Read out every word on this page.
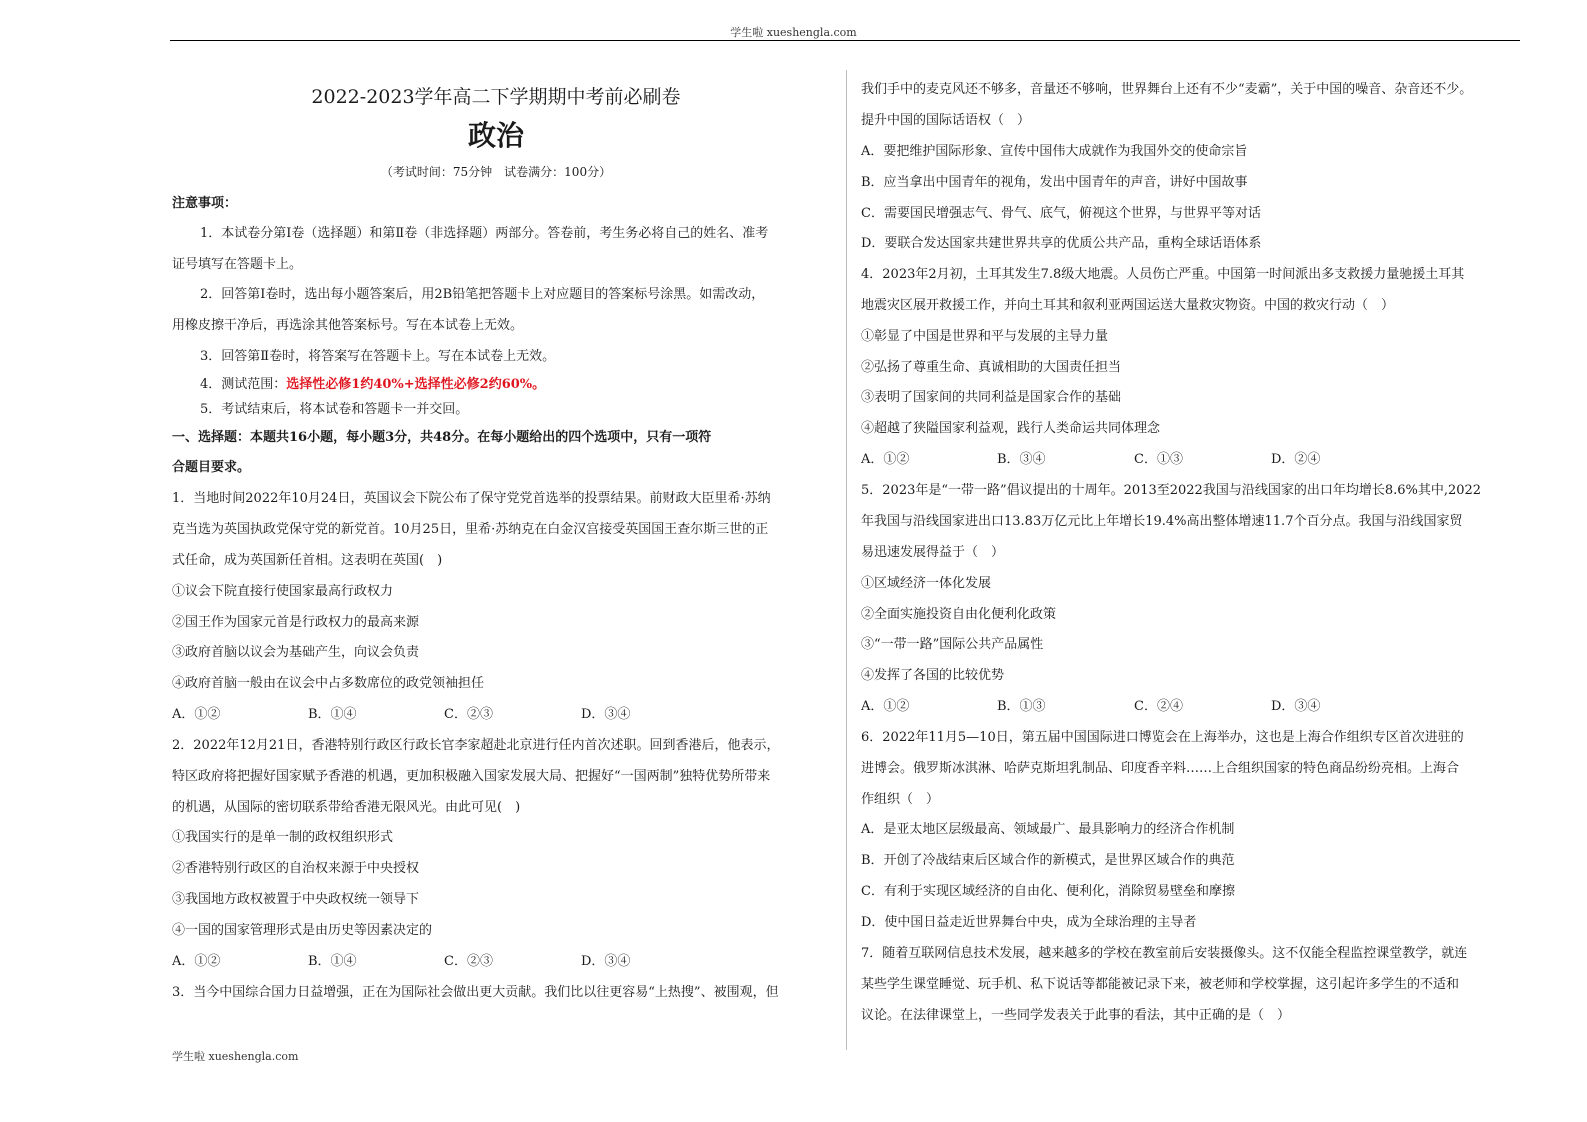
学生啦 xueshengla.com
2022-2023学年高二下学期期中考前必刷卷
政治
（考试时间：75分钟　试卷满分：100分）
注意事项：
1．本试卷分第Ⅰ卷（选择题）和第Ⅱ卷（非选择题）两部分。答卷前，考生务必将自己的姓名、准考
证号填写在答题卡上。
2．回答第Ⅰ卷时，选出每小题答案后，用2B铅笔把答题卡上对应题目的答案标号涂黑。如需改动，
用橡皮擦干净后，再选涂其他答案标号。写在本试卷上无效。
3．回答第Ⅱ卷时，将答案写在答题卡上。写在本试卷上无效。
4．测试范围：选择性必修1约40%+选择性必修2约60%。
5．考试结束后，将本试卷和答题卡一并交回。
一、选择题：本题共16小题，每小题3分，共48分。在每小题给出的四个选项中，只有一项符
合题目要求。
1．当地时间2022年10月24日，英国议会下院公布了保守党党首选举的投票结果。前财政大臣里希·苏纳
克当选为英国执政党保守党的新党首。10月25日，里希·苏纳克在白金汉宫接受英国国王查尔斯三世的正
式任命，成为英国新任首相。这表明在英国(　)
①议会下院直接行使国家最高行政权力
②国王作为国家元首是行政权力的最高来源
③政府首脑以议会为基础产生，向议会负责
④政府首脑一般由在议会中占多数席位的政党领袖担任
A．①②	B．①④	C．②③	D．③④
2．2022年12月21日，香港特别行政区行政长官李家超赴北京进行任内首次述职。回到香港后，他表示，
特区政府将把握好国家赋予香港的机遇，更加积极融入国家发展大局、把握好“一国两制”独特优势所带来
的机遇，从国际的密切联系带给香港无限风光。由此可见(　)
①我国实行的是单一制的政权组织形式
②香港特别行政区的自治权来源于中央授权
③我国地方政权被置于中央政权统一领导下
④一国的国家管理形式是由历史等因素决定的
A．①②	B．①④	C．②③	D．③④
3．当今中国综合国力日益增强，正在为国际社会做出更大贡献。我们比以往更容易“上热搜”、被围观，但
我们手中的麦克风还不够多，音量还不够响，世界舞台上还有不少“麦霸”，关于中国的噪音、杂音还不少。
提升中国的国际话语权（　）
A．要把维护国际形象、宣传中国伟大成就作为我国外交的使命宗旨
B．应当拿出中国青年的视角，发出中国青年的声音，讲好中国故事
C．需要国民增强志气、骨气、底气，俯视这个世界，与世界平等对话
D．要联合发达国家共建世界共享的优质公共产品，重构全球话语体系
4．2023年2月初，土耳其发生7.8级大地震。人员伤亡严重。中国第一时间派出多支救援力量驰援土耳其
地震灾区展开救援工作，并向土耳其和叙利亚两国运送大量救灾物资。中国的救灾行动（　）
①彰显了中国是世界和平与发展的主导力量
②弘扬了尊重生命、真诚相助的大国责任担当
③表明了国家间的共同利益是国家合作的基础
④超越了狭隘国家利益观，践行人类命运共同体理念
A．①②	B．③④	C．①③	D．②④
5．2023年是“一带一路”倡议提出的十周年。2013至2022我国与沿线国家的出口年均增长8.6%其中,2022
年我国与沿线国家进出口13.83万亿元比上年增长19.4%高出整体增速11.7个百分点。我国与沿线国家贸
易迅速发展得益于（　）
①区域经济一体化发展
②全面实施投资自由化便利化政策
③“一带一路”国际公共产品属性
④发挥了各国的比较优势
A．①②	B．①③	C．②④	D．③④
6．2022年11月5—10日，第五届中国国际进口博览会在上海举办，这也是上海合作组织专区首次进驻的
进博会。俄罗斯冰淇淋、哈萨克斯坦乳制品、印度香辛料……上合组织国家的特色商品纷纷亮相。上海合
作组织（　）
A．是亚太地区层级最高、领域最广、最具影响力的经济合作机制
B．开创了冷战结束后区域合作的新模式，是世界区域合作的典范
C．有利于实现区域经济的自由化、便利化，消除贸易壁垒和摩擦
D．使中国日益走近世界舞台中央，成为全球治理的主导者
7．随着互联网信息技术发展，越来越多的学校在教室前后安装摄像头。这不仅能全程监控课堂教学，就连
某些学生课堂睡觉、玩手机、私下说话等都能被记录下来，被老师和学校掌握，这引起许多学生的不适和
议论。在法律课堂上，一些同学发表关于此事的看法，其中正确的是（　）
学生啦 xueshengla.com
